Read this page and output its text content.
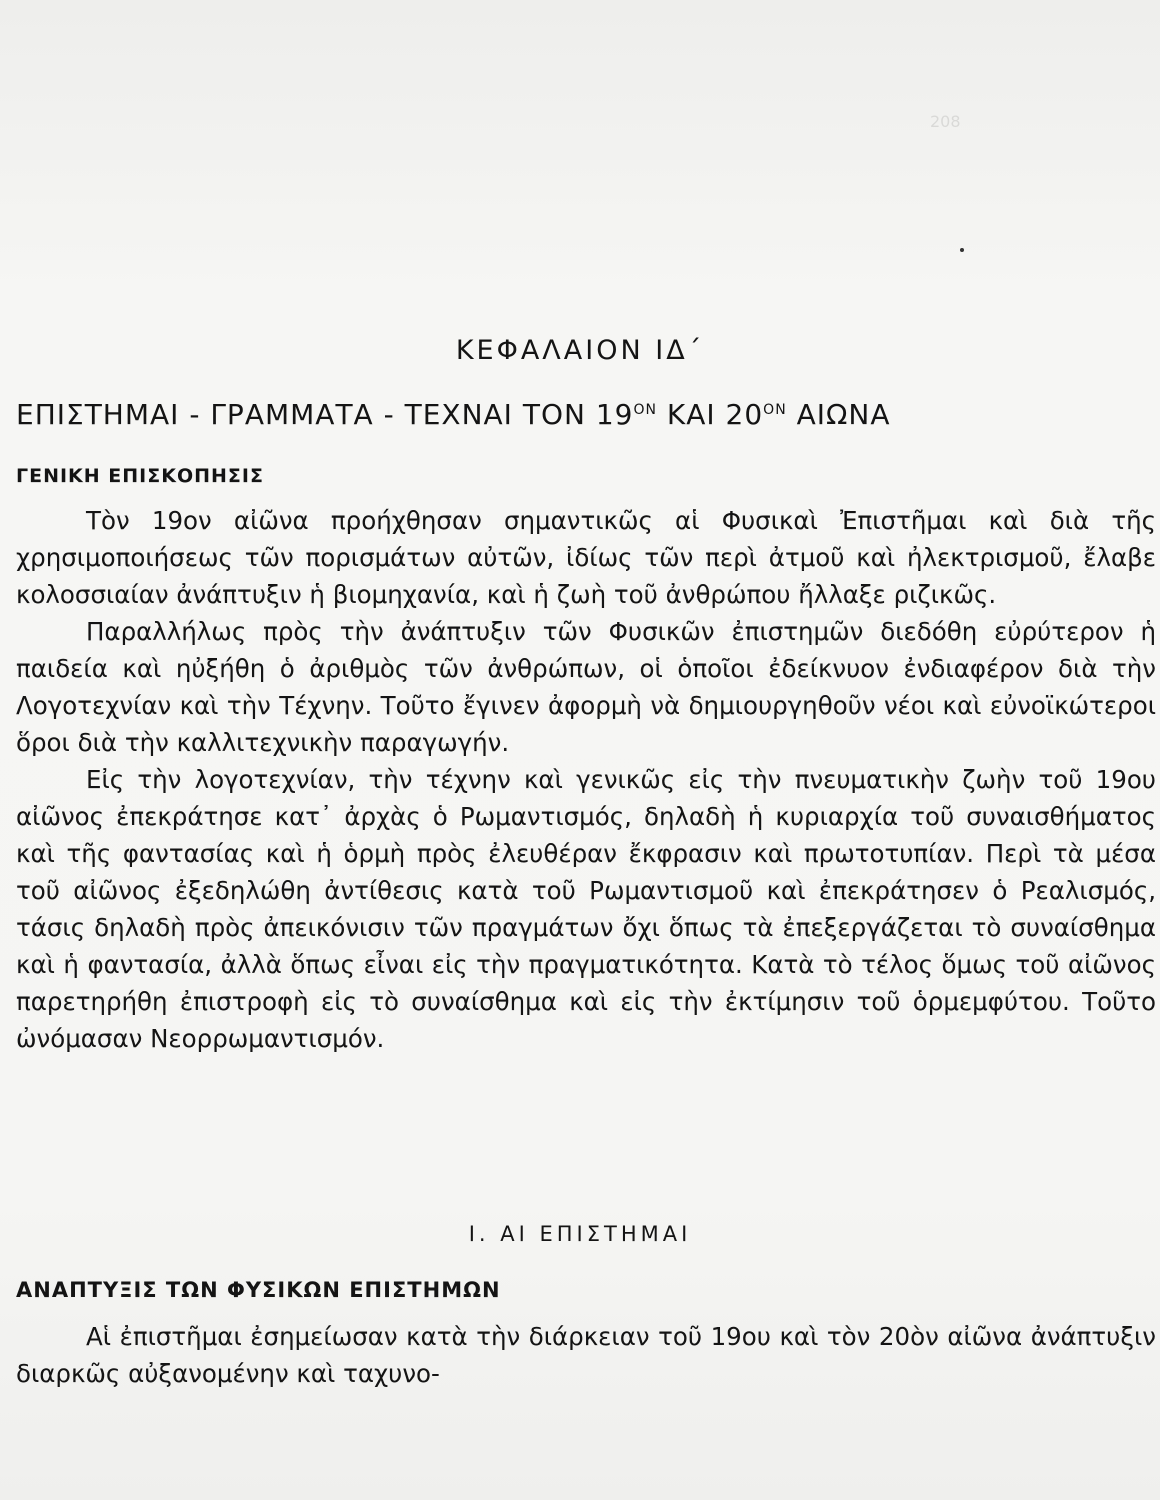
208
ΚΕΦΑΛΑΙΟΝ ΙΔ΄
ΕΠΙΣΤΗΜΑΙ - ΓΡΑΜΜΑΤΑ - ΤΕΧΝΑΙ ΤΟΝ $19^{ON}$ ΚΑΙ $20^{ON}$ ΑΙΩΝΑ
ΓΕΝΙΚΗ ΕΠΙΣΚΟΠΗΣΙΣ

Τὸν 19ον αἰῶνα προήχθησαν σημαντικῶς αἱ Φυσικαὶ Ἐπιστῆμαι καὶ διὰ τῆς χρησιμοποιήσεως τῶν πορισμάτων αὐτῶν, ἰδίως τῶν περὶ ἀτμοῦ καὶ ἠλεκτρισμοῦ, ἔλαβε κολοσσιαίαν ἀνάπτυξιν ἡ βιομηχανία, καὶ ἡ ζωὴ τοῦ ἀνθρώπου ἤλλαξε ριζικῶς.

Παραλλήλως πρὸς τὴν ἀνάπτυξιν τῶν Φυσικῶν ἐπιστημῶν διεδόθη εὐρύτερον ἡ παιδεία καὶ ηὐξήθη ὁ ἀριθμὸς τῶν ἀνθρώπων, οἱ ὁποῖοι ἐδείκνυον ἐνδιαφέρον διὰ τὴν Λογοτεχνίαν καὶ τὴν Τέχνην. Τοῦτο ἔγινεν ἀφορμὴ νὰ δημιουργηθοῦν νέοι καὶ εὐνοϊκώτεροι ὅροι διὰ τὴν καλλιτεχνικὴν παραγωγήν.

Εἰς τὴν λογοτεχνίαν, τὴν τέχνην καὶ γενικῶς εἰς τὴν πνευματικὴν ζωὴν τοῦ 19ου αἰῶνος ἐπεκράτησε κατ᾽ ἀρχὰς ὁ Ρωμαντισμός, δηλαδὴ ἡ κυριαρχία τοῦ συναισθήματος καὶ τῆς φαντασίας καὶ ἡ ὁρμὴ πρὸς ἐλευθέραν ἔκφρασιν καὶ πρωτοτυπίαν. Περὶ τὰ μέσα τοῦ αἰῶνος ἐξεδηλώθη ἀντίθεσις κατὰ τοῦ Ρωμαντισμοῦ καὶ ἐπεκράτησεν ὁ Ρεαλισμός, τάσις δηλαδὴ πρὸς ἀπεικόνισιν τῶν πραγμάτων ὄχι ὅπως τὰ ἐπεξεργάζεται τὸ συναίσθημα καὶ ἡ φαντασία, ἀλλὰ ὅπως εἶναι εἰς τὴν πραγματικότητα. Κατὰ τὸ τέλος ὅμως τοῦ αἰῶνος παρετηρήθη ἐπιστροφὴ εἰς τὸ συναίσθημα καὶ εἰς τὴν ἐκτίμησιν τοῦ ὁρμεμφύτου. Τοῦτο ὠνόμασαν Νεορρωμαντισμόν.

Ι. ΑΙ ΕΠΙΣΤΗΜΑΙ
ΑΝΑΠΤΥΞΙΣ ΤΩΝ ΦΥΣΙΚΩΝ ΕΠΙΣΤΗΜΩΝ

Αἱ ἐπιστῆμαι ἐσημείωσαν κατὰ τὴν διάρκειαν τοῦ 19ου καὶ τὸν 20ὸν αἰῶνα ἀνάπτυξιν διαρκῶς αὐξανομένην καὶ ταχυνο-
